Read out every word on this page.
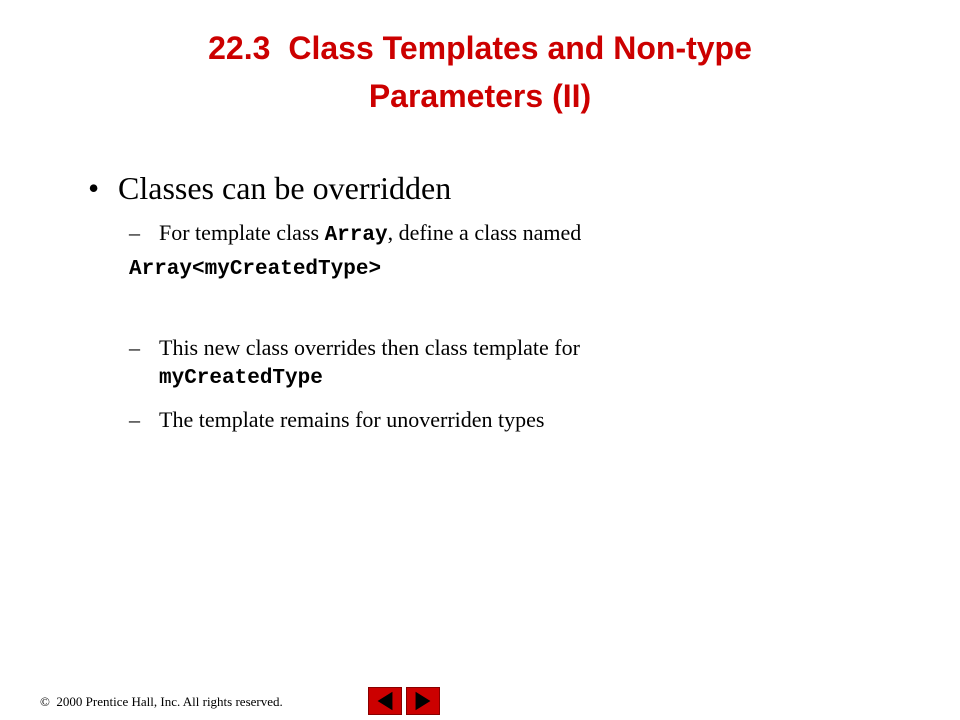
22.3 Class Templates and Non-type
Parameters (II)
• Classes can be overridden
– For template class Array, define a class named
Array<myCreatedType>
– This new class overrides then class template for
myCreatedType
– The template remains for unoverriden types
© 2000 Prentice Hall, Inc. All rights reserved.
